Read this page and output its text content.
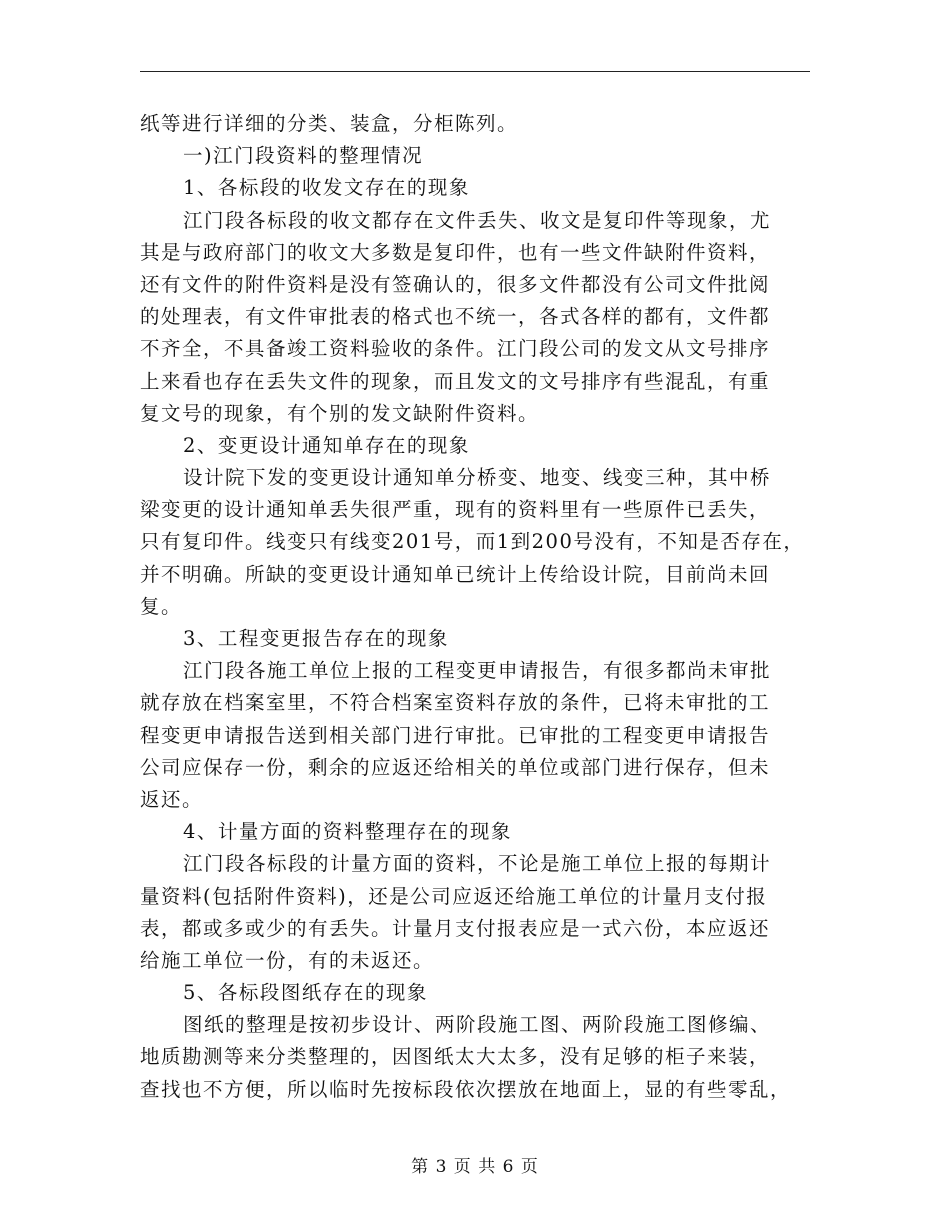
纸等进行详细的分类、装盒，分柜陈列。
一)江门段资料的整理情况
1、各标段的收发文存在的现象
江门段各标段的收文都存在文件丢失、收文是复印件等现象，尤
其是与政府部门的收文大多数是复印件，也有一些文件缺附件资料，
还有文件的附件资料是没有签确认的，很多文件都没有公司文件批阅
的处理表，有文件审批表的格式也不统一，各式各样的都有，文件都
不齐全，不具备竣工资料验收的条件。江门段公司的发文从文号排序
上来看也存在丢失文件的现象，而且发文的文号排序有些混乱，有重
复文号的现象，有个别的发文缺附件资料。
2、变更设计通知单存在的现象
设计院下发的变更设计通知单分桥变、地变、线变三种，其中桥
梁变更的设计通知单丢失很严重，现有的资料里有一些原件已丢失，
只有复印件。线变只有线变201号，而1到200号没有，不知是否存在，
并不明确。所缺的变更设计通知单已统计上传给设计院，目前尚未回
复。
3、工程变更报告存在的现象
江门段各施工单位上报的工程变更申请报告，有很多都尚未审批
就存放在档案室里，不符合档案室资料存放的条件，已将未审批的工
程变更申请报告送到相关部门进行审批。已审批的工程变更申请报告
公司应保存一份，剩余的应返还给相关的单位或部门进行保存，但未
返还。
4、计量方面的资料整理存在的现象
江门段各标段的计量方面的资料，不论是施工单位上报的每期计
量资料(包括附件资料)，还是公司应返还给施工单位的计量月支付报
表，都或多或少的有丢失。计量月支付报表应是一式六份，本应返还
给施工单位一份，有的未返还。
5、各标段图纸存在的现象
图纸的整理是按初步设计、两阶段施工图、两阶段施工图修编、
地质勘测等来分类整理的，因图纸太大太多，没有足够的柜子来装，
查找也不方便，所以临时先按标段依次摆放在地面上，显的有些零乱，
第 3 页 共 6 页
